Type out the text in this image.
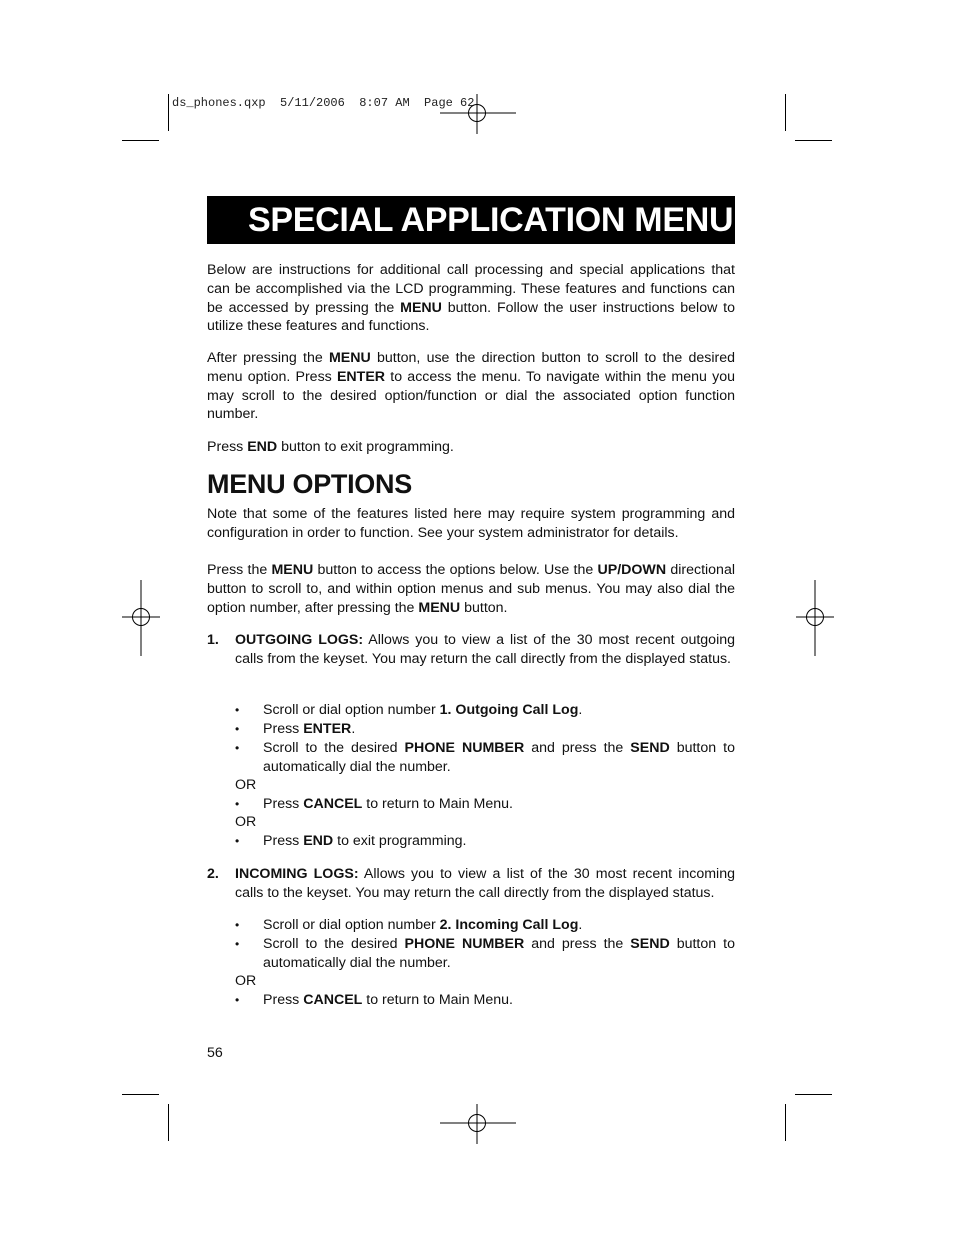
ds_phones.qxp  5/11/2006  8:07 AM  Page 62
SPECIAL APPLICATION MENU

Below are instructions for additional call processing and special applications that can be accomplished via the LCD programming. These features and functions can be accessed by pressing the MENU button. Follow the user instructions below to utilize these features and functions.

After pressing the MENU button, use the direction button to scroll to the desired menu option. Press ENTER to access the menu. To navigate within the menu you may scroll to the desired option/function or dial the associated option function number.

Press END button to exit programming.

MENU OPTIONS

Note that some of the features listed here may require system programming and configuration in order to function. See your system administrator for details.

Press the MENU button to access the options below. Use the UP/DOWN directional button to scroll to, and within option menus and sub menus. You may also dial the option number, after pressing the MENU button.

1. OUTGOING LOGS: Allows you to view a list of the 30 most recent outgoing calls from the keyset. You may return the call directly from the displayed status.
• Scroll or dial option number 1. Outgoing Call Log.
• Press ENTER.
• Scroll to the desired PHONE NUMBER and press the SEND button to automatically dial the number.
OR
• Press CANCEL to return to Main Menu.
OR
• Press END to exit programming.
2. INCOMING LOGS: Allows you to view a list of the 30 most recent incoming calls to the keyset. You may return the call directly from the displayed status.
• Scroll or dial option number 2. Incoming Call Log.
• Scroll to the desired PHONE NUMBER and press the SEND button to automatically dial the number.
OR
• Press CANCEL to return to Main Menu.
56
